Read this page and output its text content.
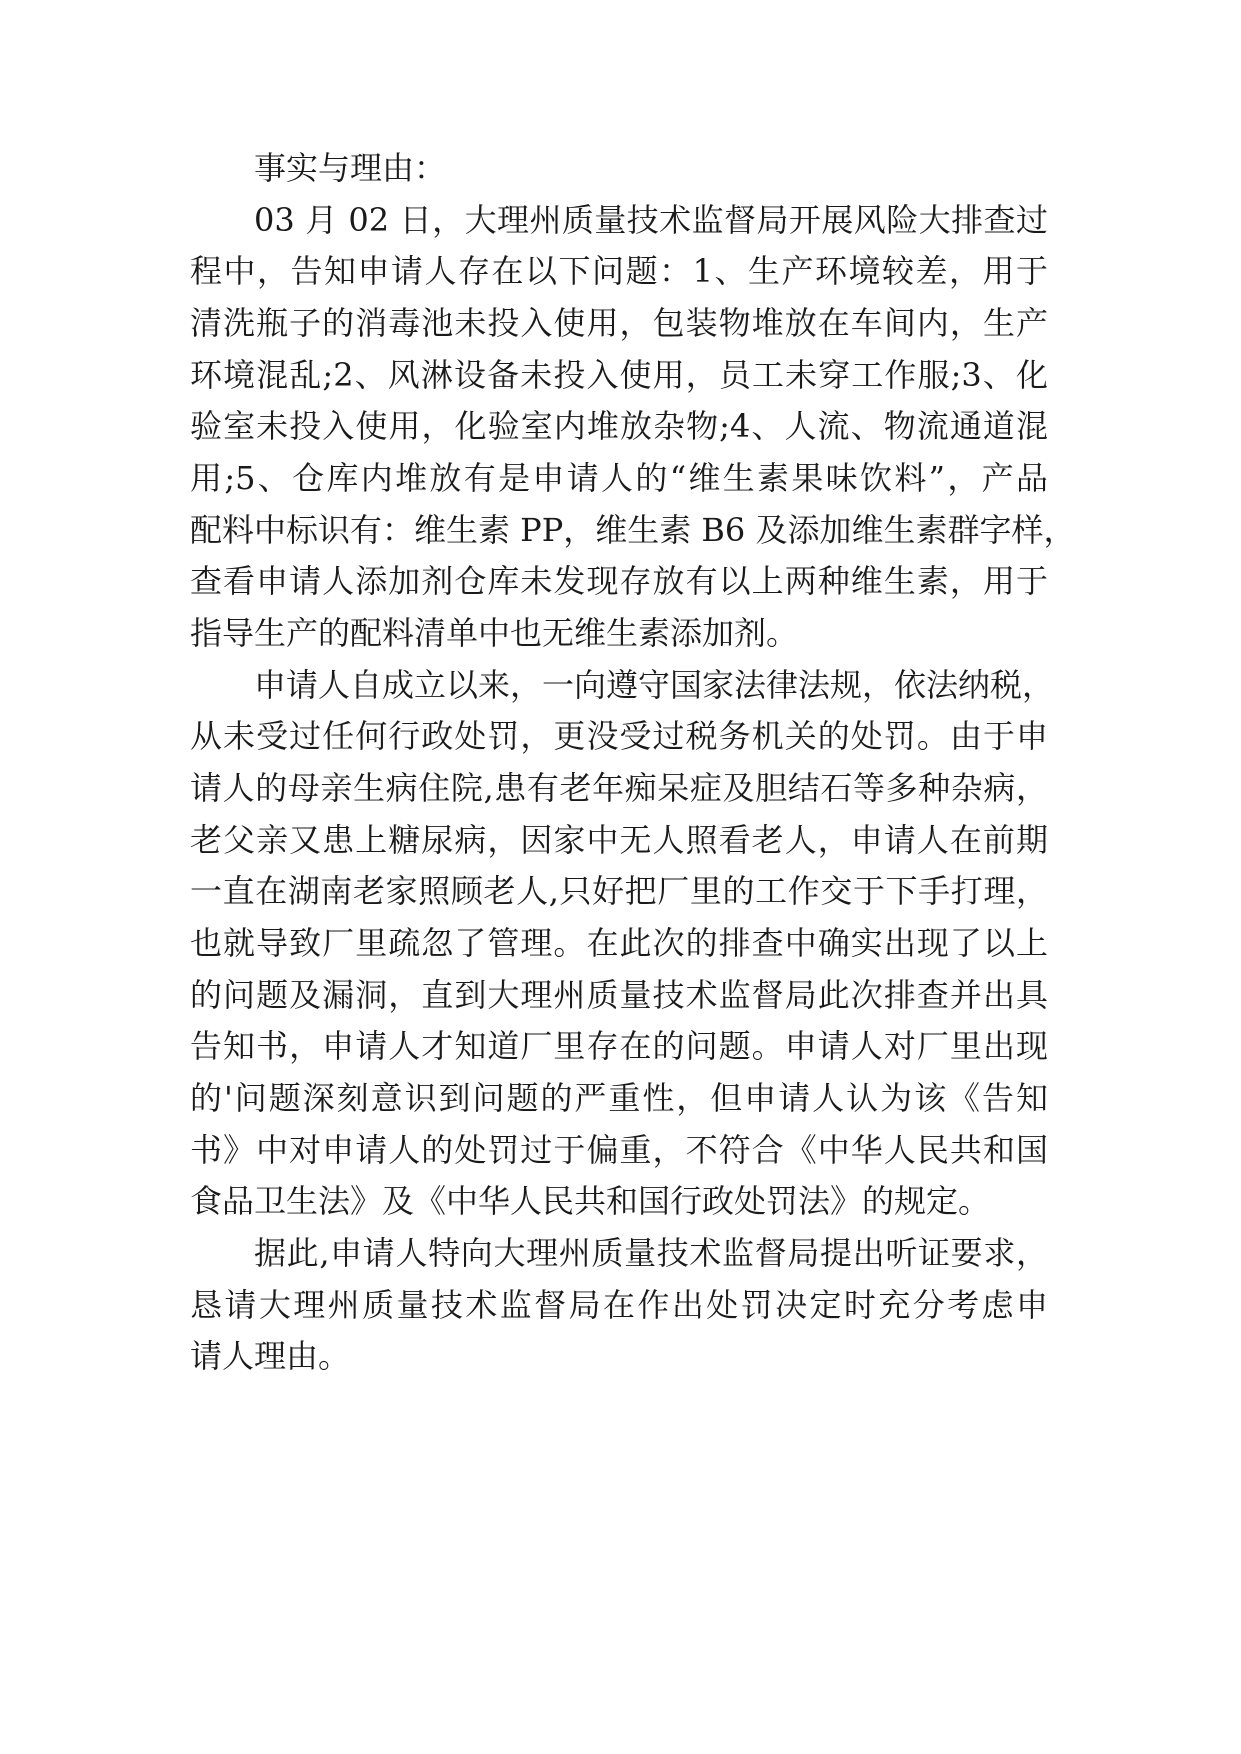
事实与理由：
03 月 02 日，大理州质量技术监督局开展风险大排查过
程中，告知申请人存在以下问题：1、生产环境较差，用于
清洗瓶子的消毒池未投入使用，包装物堆放在车间内，生产
环境混乱;2、风淋设备未投入使用，员工未穿工作服;3、化
验室未投入使用，化验室内堆放杂物;4、人流、物流通道混
用;5、仓库内堆放有是申请人的“维生素果味饮料”，产品
配料中标识有：维生素 PP，维生素 B6 及添加维生素群字样，
查看申请人添加剂仓库未发现存放有以上两种维生素，用于
指导生产的配料清单中也无维生素添加剂。
申请人自成立以来，一向遵守国家法律法规，依法纳税，
从未受过任何行政处罚，更没受过税务机关的处罚。由于申
请人的母亲生病住院,患有老年痴呆症及胆结石等多种杂病，
老父亲又患上糖尿病，因家中无人照看老人，申请人在前期
一直在湖南老家照顾老人,只好把厂里的工作交于下手打理，
也就导致厂里疏忽了管理。在此次的排查中确实出现了以上
的问题及漏洞，直到大理州质量技术监督局此次排查并出具
告知书，申请人才知道厂里存在的问题。申请人对厂里出现
的'问题深刻意识到问题的严重性，但申请人认为该《告知
书》中对申请人的处罚过于偏重，不符合《中华人民共和国
食品卫生法》及《中华人民共和国行政处罚法》的规定。
据此,申请人特向大理州质量技术监督局提出听证要求，
恳请大理州质量技术监督局在作出处罚决定时充分考虑申
请人理由。
